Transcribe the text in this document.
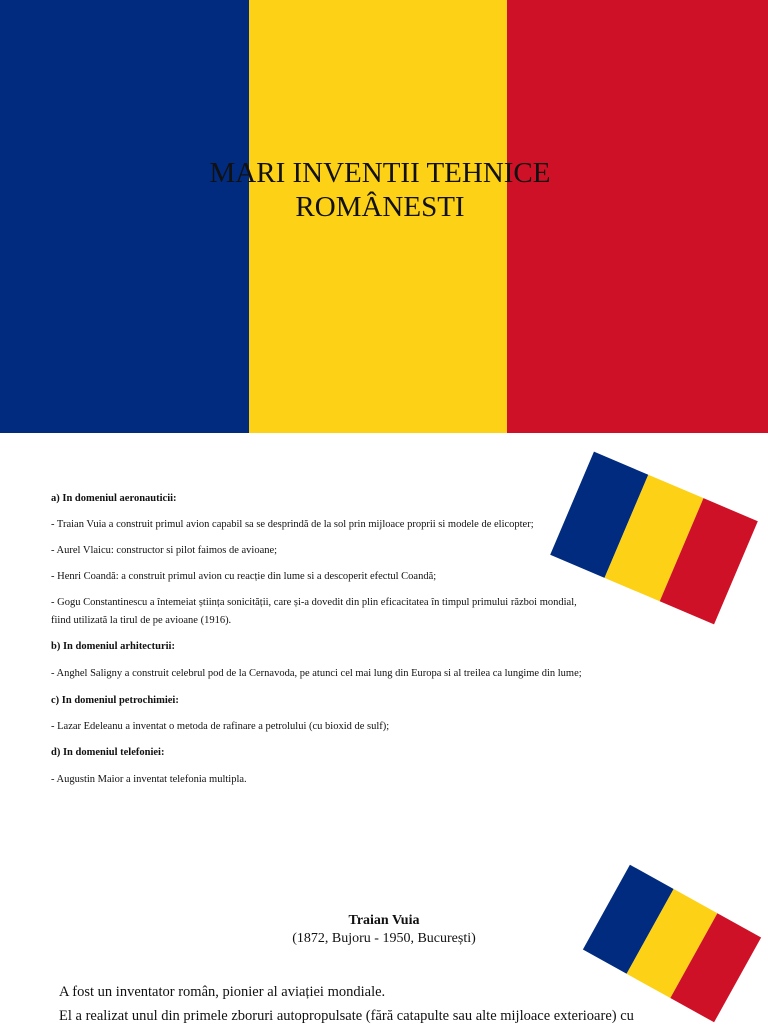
MARI INVENTII TEHNICE
ROMÂNESTI
a) In domeniul aeronauticii:
- Traian Vuia a construit primul avion capabil sa se desprindă de la sol prin mijloace proprii si modele de elicopter;
- Aurel Vlaicu: constructor si pilot faimos de avioane;
- Henri Coandă: a construit primul avion cu reacție din lume si a descoperit efectul Coandă;
- Gogu Constantinescu a întemeiat știința sonicității, care și-a dovedit din plin eficacitatea în timpul primului război mondial,
fiind utilizată la tirul de pe avioane (1916).
b) In domeniul arhitecturii:
- Anghel Saligny a construit celebrul pod de la Cernavoda, pe atunci cel mai lung din Europa si al treilea ca lungime din lume;
c) In domeniul petrochimiei:
- Lazar Edeleanu a inventat o metoda de rafinare a petrolului (cu bioxid de sulf);
d) In domeniul telefoniei:
- Augustin Maior a inventat telefonia multipla.
Traian Vuia
(1872, Bujoru - 1950, București)
A fost un inventator român, pionier al aviației mondiale.
El a realizat unul din primele zboruri autopropulsate (fără catapulte sau alte mijloace exterioare) cu
